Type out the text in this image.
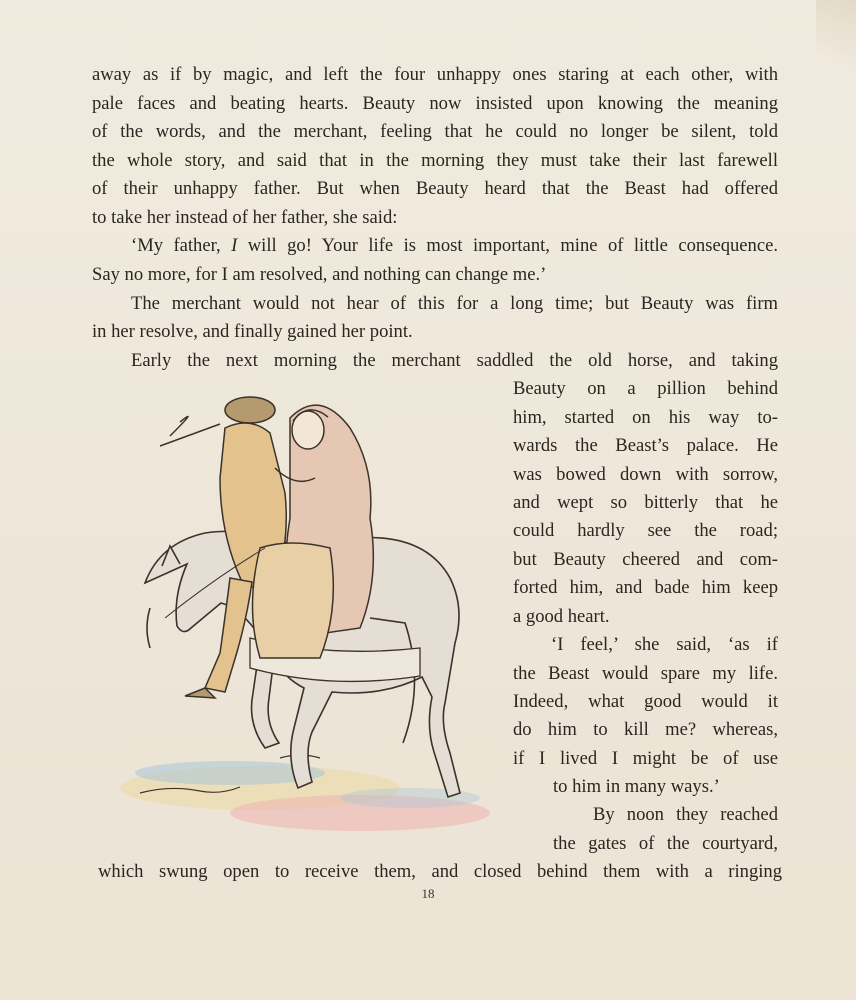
away as if by magic, and left the four unhappy ones staring at each other, with
pale faces and beating hearts. Beauty now insisted upon knowing the meaning
of the words, and the merchant, feeling that he could no longer be silent, told
the whole story, and said that in the morning they must take their last farewell
of their unhappy father. But when Beauty heard that the Beast had offered
to take her instead of her father, she said:
‘My father, I will go! Your life is most important, mine of little consequence.
Say no more, for I am resolved, and nothing can change me.’
The merchant would not hear of this for a long time; but Beauty was firm
in her resolve, and finally gained her point.
Early the next morning the merchant saddled the old horse, and taking
Beauty on a pillion behind
him, started on his way to-
wards the Beast’s palace. He
was bowed down with sorrow,
and wept so bitterly that he
could hardly see the road;
but Beauty cheered and com-
forted him, and bade him keep
a good heart.
‘I feel,’ she said, ‘as if
the Beast would spare my life.
Indeed, what good would it
do him to kill me? whereas,
if I lived I might be of use
to him in many ways.’
By noon they reached
the gates of the courtyard,
which swung open to receive them, and closed behind them with a ringing
18
